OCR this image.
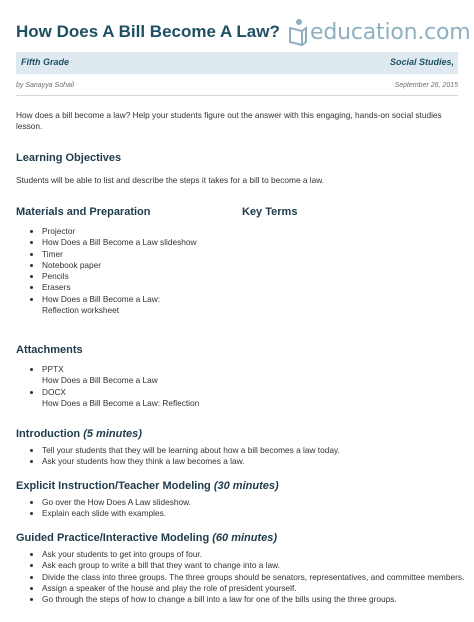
How Does A Bill Become A Law? education.com
Fifth Grade	Social Studies,
by Sanayya Sohail	September 26, 2015

How does a bill become a law? Help your students figure out the answer with this engaging, hands-on social studies lesson.

Learning Objectives

Students will be able to list and describe the steps it takes for a bill to become a law.

Materials and Preparation
• Projector
• How Does a Bill Become a Law slideshow
• Timer
• Notebook paper
• Pencils
• Erasers
• How Does a Bill Become a Law: Reflection worksheet
Key Terms
Attachments
• PPTX
How Does a Bill Become a Law
• DOCX
How Does a Bill Become a Law: Reflection
Introduction (5 minutes)
• Tell your students that they will be learning about how a bill becomes a law today.
• Ask your students how they think a law becomes a law.
Explicit Instruction/Teacher Modeling (30 minutes)
• Go over the How Does A Law slideshow.
• Explain each slide with examples.
Guided Practice/Interactive Modeling (60 minutes)
• Ask your students to get into groups of four.
• Ask each group to write a bill that they want to change into a law.
• Divide the class into three groups. The three groups should be senators, representatives, and committee members.
• Assign a speaker of the house and play the role of president yourself.
• Go through the steps of how to change a bill into a law for one of the bills using the three groups.
